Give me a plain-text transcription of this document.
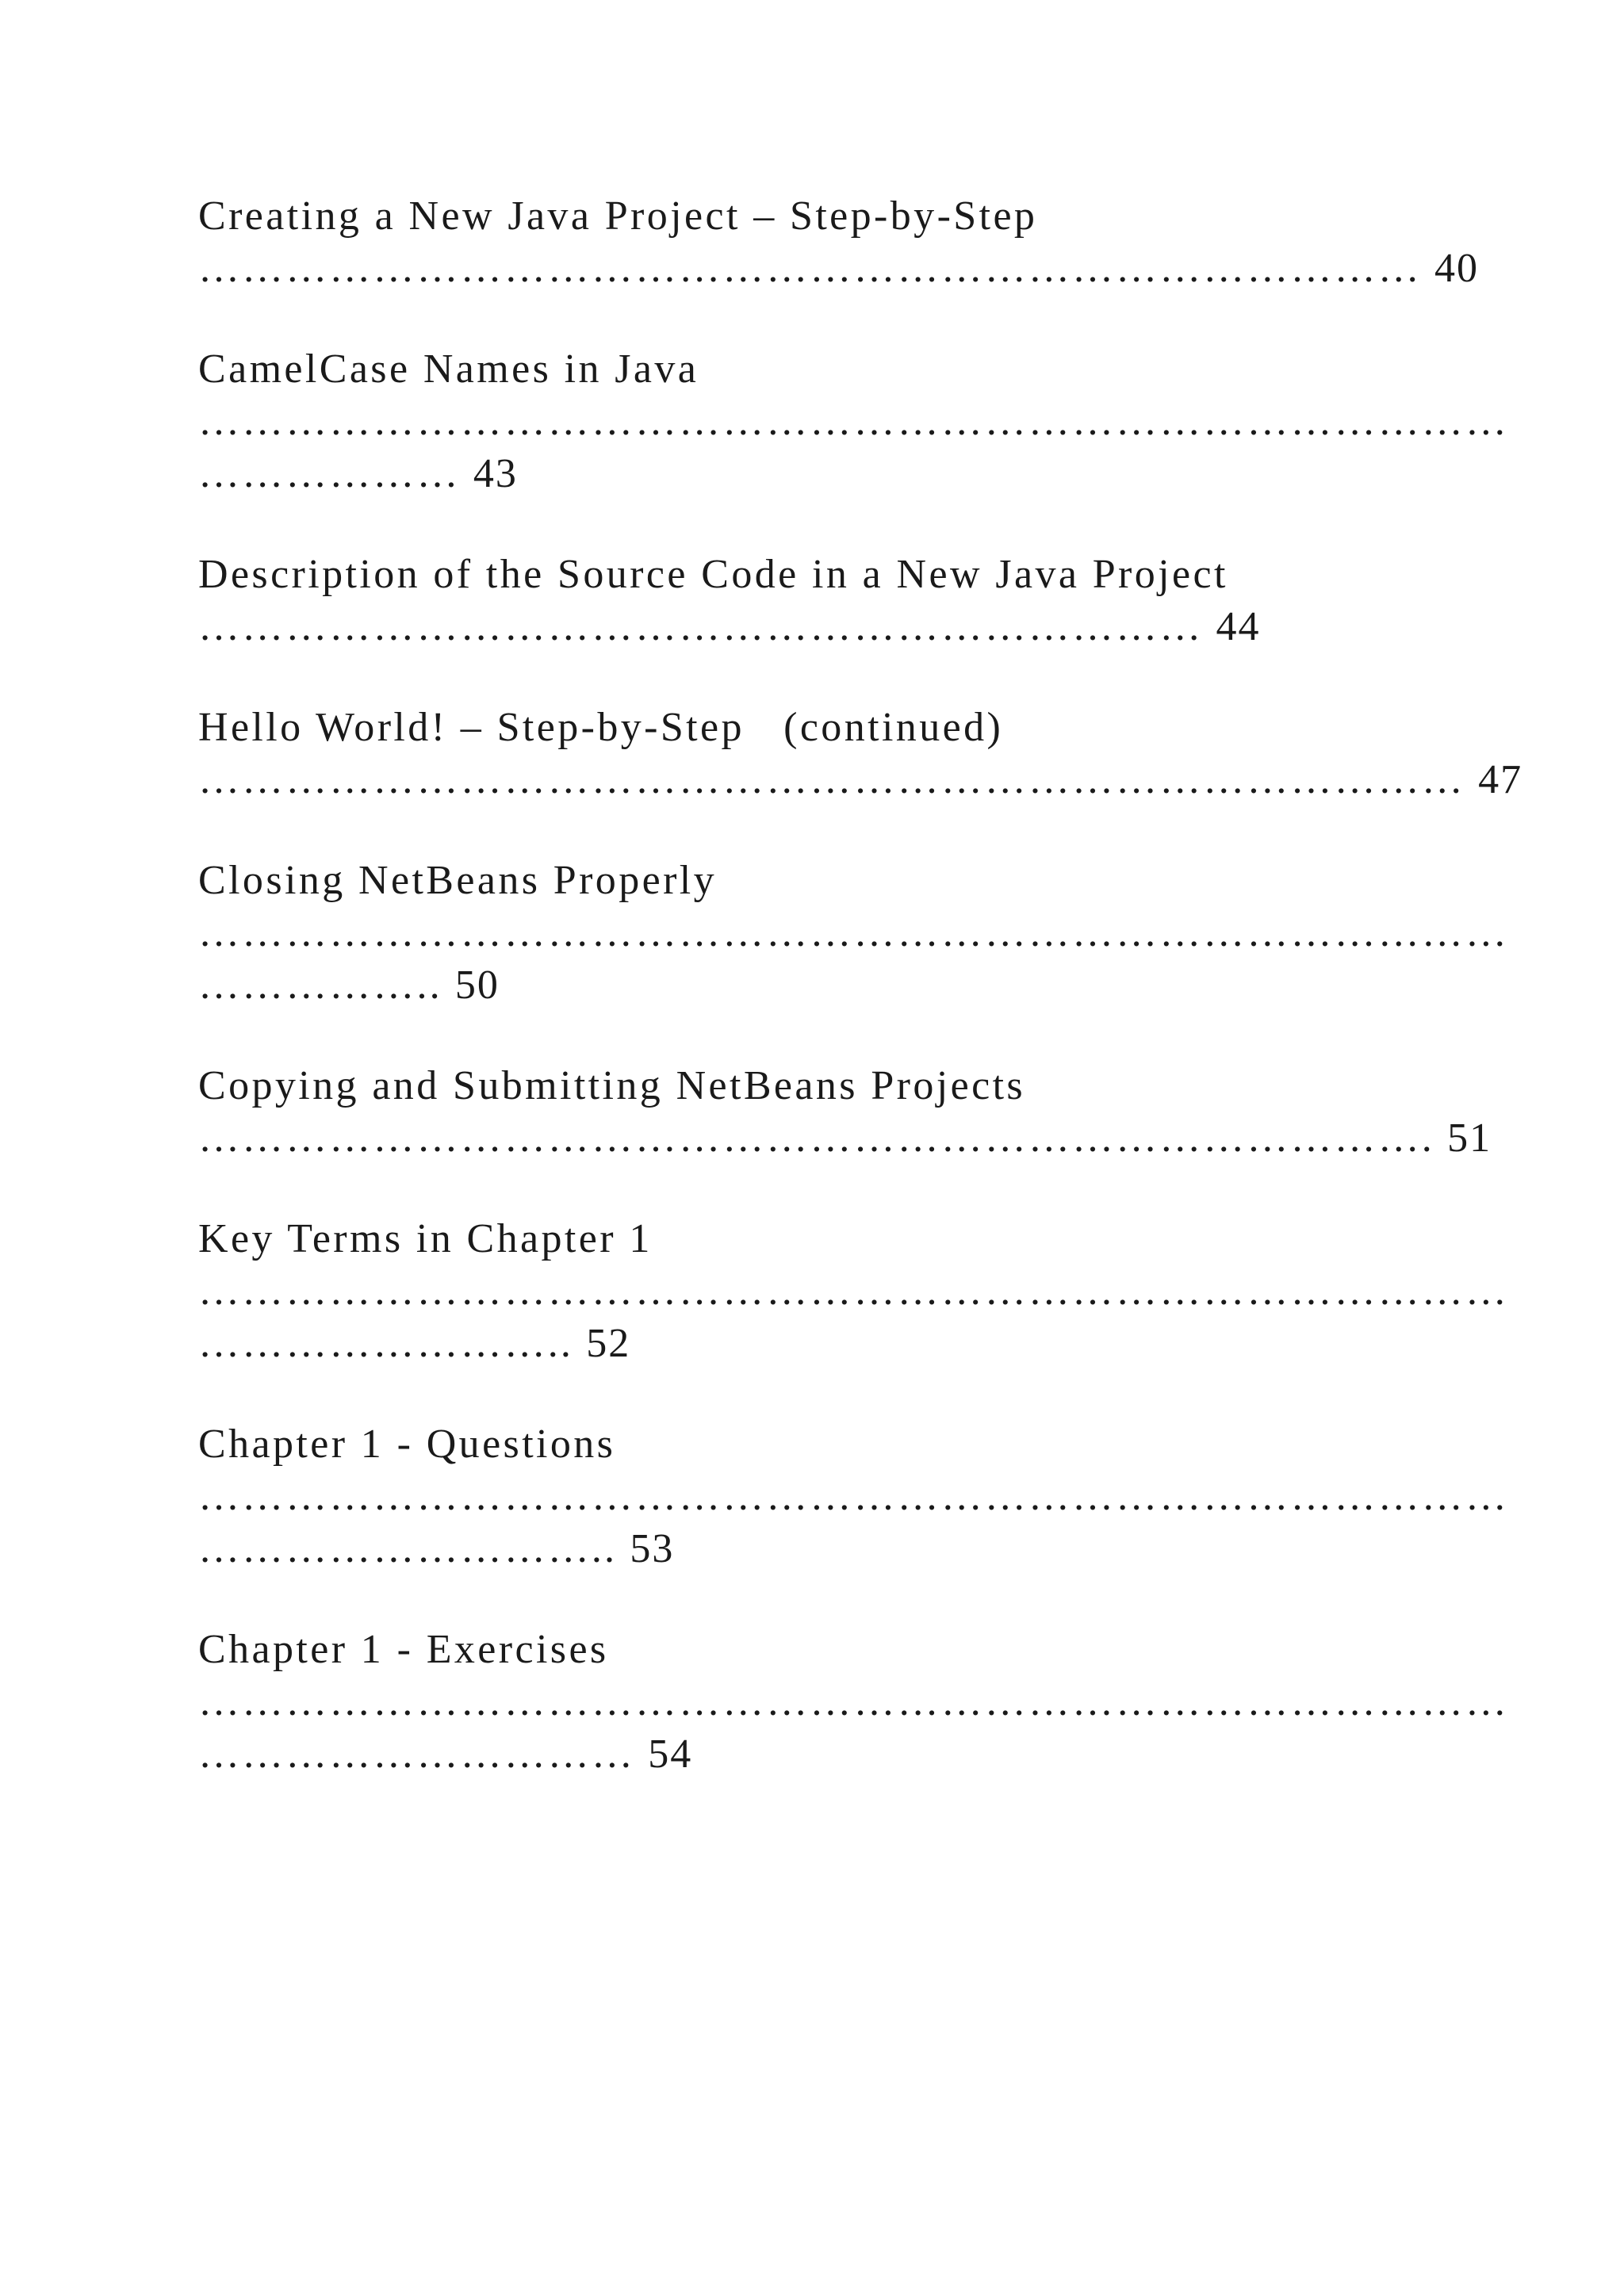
Creating a New Java Project – Step-by-Step

………………………………………………………………………… 40

CamelCase Names in Java

………………………………………………………………………………

……………… 43

Description of the Source Code in a New Java Project

…………………………………………………………… 44

Hello World! – Step-by-Step   (continued)

…………………………………………………………………………… 47

Closing NetBeans Properly

………………………………………………………………………………

…………….. 50

Copying and Submitting NetBeans Projects

…………………………………………………………………………. 51

Key Terms in Chapter 1

………………………………………………………………………………

…………………….. 52

Chapter 1 - Questions

………………………………………………………………………………

……………………….. 53

Chapter 1 - Exercises

………………………………………………………………………………

………………………… 54
